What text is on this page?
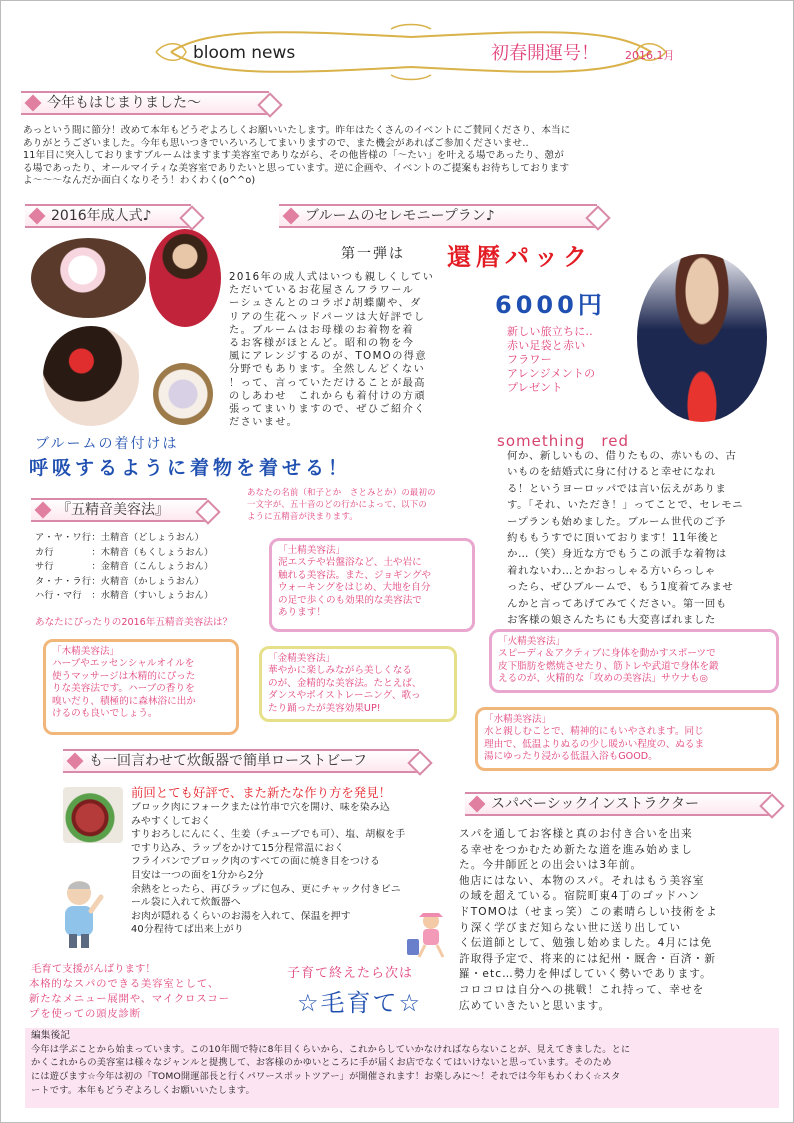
bloom news	初春開運号！ 2016.1月
今年もはじまりました～
あっという間に節分！改めて本年もどうぞよろしくお願いいたします。昨年はたくさんのイベントにご賛同くださり、本当に
ありがとうございました。今年も思いつきでいろいろしてまいりますので、また機会があればご参加くださいませ‥
11年目に突入しておりますブルームはますます美容室でありながら、その他皆様の「～たい」を叶える場であったり、憩が
る場であったり、オールマイティな美容室でありたいと思っています。逆に企画や、イベントのご提案もお待ちしております
よ～～～なんだか面白くなりそう！わくわく(o^^o)
2016年成人式♪
2016年の成人式はいつも親しくしてい
ただいているお花屋さんフラワール
ーシュさんとのコラボ♪胡蝶蘭や、ダ
リアの生花ヘッドパーツは大好評でし
た。ブルームはお母様のお着物を着
るお客様がほとんど。昭和の物を今
風にアレンジするのが、TOMOの得意
分野でもあります。全然しんどくない
！って、言っていただけることが最高
のしあわせ　これからも着付けの方頑
張ってまいりますので、ぜひご紹介く
ださいませ。
ブルームの着付けは
呼吸するように着物を着せる！
ブルームのセレモニープラン♪
第一弾は 還暦パック
6000円
新しい旅立ちに‥
赤い足袋と赤い
フラワー
アレンジメントの
プレゼント
something　red
何か、新しいもの、借りたもの、赤いもの、古
いものを結婚式に身に付けると幸せになれ
る！というヨーロッパでは言い伝えがありま
す。「それ、いただき！」ってことで、セレモニ
ープランも始めました。ブルーム世代のご予
約ももうすでに頂いております！11年後と
か…（笑）身近な方でもうこの派手な着物は
着れないわ…とかおっしゃる方いらっしゃ
ったら、ぜひブルームで、もう1度着てみませ
んかと言ってあげてみてください。第一回も
お客様の娘さんたちにも大変喜ばれました
『五精音美容法』
あなたの名前（和子とか　さとみとか）の最初の
一文字が、五十音のどの行かによって、以下の
ように五精音が決まります。
ア・ヤ・ワ行：土精音（どしょうおん）
カ行　　　　：木精音（もくしょうおん）
サ行　　　　：金精音（こんしょうおん）
タ・ナ・ラ行：火精音（かしょうおん）
ハ行・マ行　：水精音（すいしょうおん）
あなたにぴったりの2016年五精音美容法は？
「土精美容法」
泥エステや岩盤浴など、土や岩に
触れる美容法。また、ジョギングや
ウォーキングをはじめ、大地を自分
の足で歩くのも効果的な美容法で
あります！
「木精美容法」
ハーブやエッセンシャルオイルを
使うマッサージは木精的にぴった
りな美容法です。ハーブの香りを
嗅いだり、積極的に森林浴に出か
けるのも良いでしょう。
「金精美容法」
華やかに楽しみながら美しくなる
のが、金精的な美容法。たとえば、
ダンスやポイストレーニング、歌っ
たり踊ったが美容効果UP!
「火精美容法」
スピーディ＆アクティブに身体を動かすスポーツで
皮下脂肪を燃焼させたり、筋トレや武道で身体を鍛
えるのが、火精的な「攻めの美容法」サウナも◎
「水精美容法」
水と親しむことで、精神的にもいやされます。同じ
理由で、低温よりぬるの少し暖かい程度の、ぬるま
湯にゆったり浸かる低温入浴もGOOD。
も一回言わせて炊飯器で簡単ローストビーフ
前回とても好評で、また新たな作り方を発見！
ブロック肉にフォークまたは竹串で穴を開け、味を染み込
みやすくしておく
すりおろしにんにく、生姜（チューブでも可）、塩、胡椒を手
ですり込み、ラップをかけて15分程常温におく
フライパンでブロック肉のすべての面に焼き目をつける
目安は一つの面を1分から2分
余熱をとったら、再びラップに包み、更にチャック付きビニ
ール袋に入れて炊飯器へ
お肉が隠れるくらいのお湯を入れて、保温を押す
40分程待てば出来上がり
毛育て支援がんばります！
本格的なスパのできる美容室として、
新たなメニュー展開や、マイクロスコー
プを使っての頭皮診断
子育て終えたら次は
☆毛育て☆
スパベーシックインストラクター
スパを通してお客様と真のお付き合いを出来
る幸せをつかむため新たな道を進み始めまし
た。今井師匠との出会いは3年前。
他店にはない、本物のスパ。それはもう美容室
の域を超えている。宿院町東4丁のゴッドハン
ドTOMOは（せまっ笑）この素晴らしい技術をよ
り深く学びまだ知らない世に送り出してい
く伝道師として、勉強し始めました。4月には免
許取得予定で、将来的には紀州・厩舎・百済・新
羅・etc…勢力を伸ばしていく勢いであります。
コロコロは自分への挑戦！これ持って、幸せを
広めていきたいと思います。
編集後記
今年は学ぶことから始まっています。この10年間で特に8年目くらいから、これからしていかなければならないことが、見えてきました。とに
かくこれからの美容室は様々なジャンルと提携して、お客様のかゆいところに手が届くお店でなくてはいけないと思っています。そのため
には遊びます☆今年は初の「TOMO開運部長と行くパワースポットツアー」が開催されます！お楽しみに～！それでは今年もわくわく☆スタ
ートです。本年もどうぞよろしくお願いいたします。
